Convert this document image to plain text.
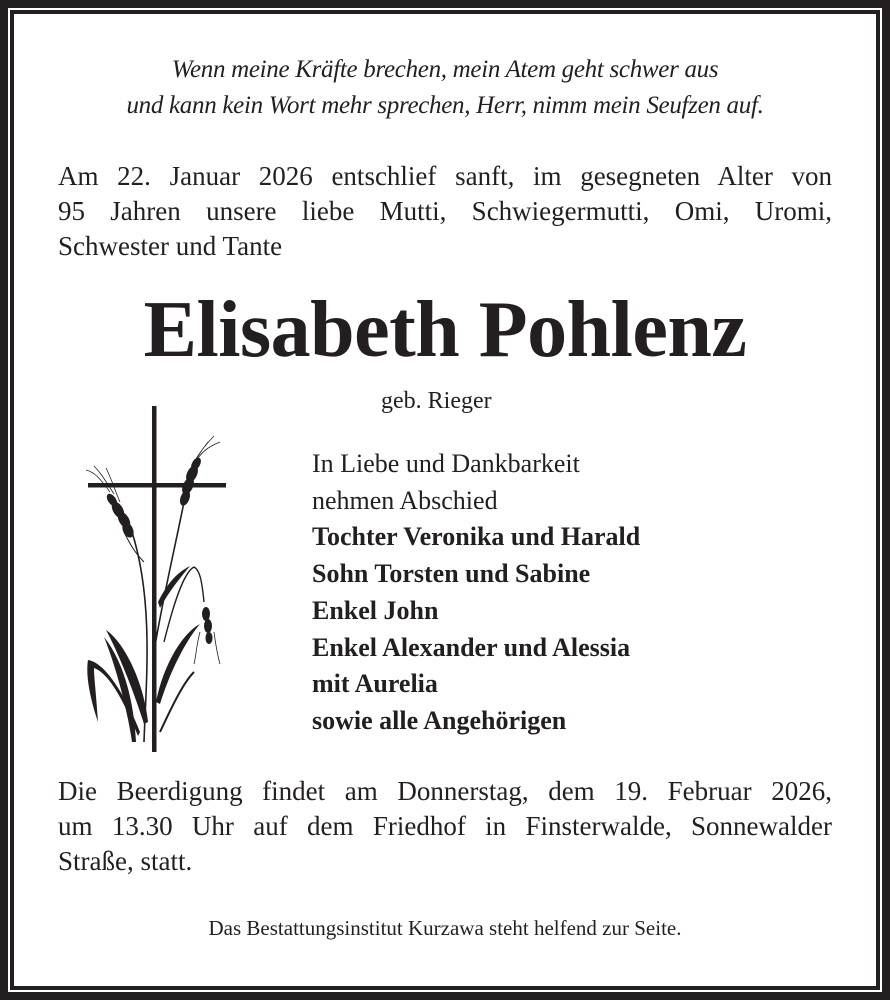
Wenn meine Kräfte brechen, mein Atem geht schwer aus
und kann kein Wort mehr sprechen, Herr, nimm mein Seufzen auf.
Am 22. Januar 2026 entschlief sanft, im gesegneten Alter von
95 Jahren unsere liebe Mutti, Schwiegermutti, Omi, Uromi,
Schwester und Tante
Elisabeth Pohlenz
geb. Rieger
In Liebe und Dankbarkeit
nehmen Abschied
Tochter Veronika und Harald
Sohn Torsten und Sabine
Enkel John
Enkel Alexander und Alessia
mit Aurelia
sowie alle Angehörigen
Die Beerdigung findet am Donnerstag, dem 19. Februar 2026,
um 13.30 Uhr auf dem Friedhof in Finsterwalde, Sonnewalder
Straße, statt.
Das Bestattungsinstitut Kurzawa steht helfend zur Seite.
